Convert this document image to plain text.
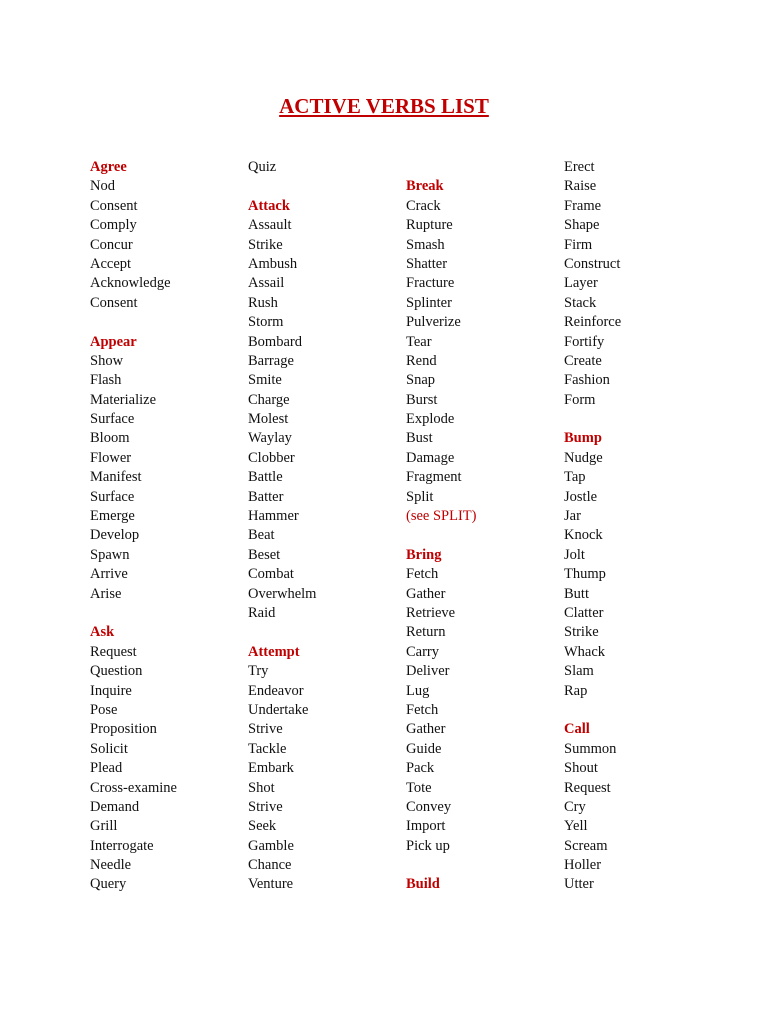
ACTIVE VERBS LIST
Agree
Nod
Consent
Comply
Concur
Accept
Acknowledge
Consent
Appear
Show
Flash
Materialize
Surface
Bloom
Flower
Manifest
Surface
Emerge
Develop
Spawn
Arrive
Arise
Ask
Request
Question
Inquire
Pose
Proposition
Solicit
Plead
Cross-examine
Demand
Grill
Interrogate
Needle
Query
Quiz
Attack
Assault
Strike
Ambush
Assail
Rush
Storm
Bombard
Barrage
Smite
Charge
Molest
Waylay
Clobber
Battle
Batter
Hammer
Beat
Beset
Combat
Overwhelm
Raid
Attempt
Try
Endeavor
Undertake
Strive
Tackle
Embark
Shot
Strive
Seek
Gamble
Chance
Venture
Break
Crack
Rupture
Smash
Shatter
Fracture
Splinter
Pulverize
Tear
Rend
Snap
Burst
Explode
Bust
Damage
Fragment
Split
(see SPLIT)
Bring
Fetch
Gather
Retrieve
Return
Carry
Deliver
Lug
Fetch
Gather
Guide
Pack
Tote
Convey
Import
Pick up
Build
Erect
Raise
Frame
Shape
Firm
Construct
Layer
Stack
Reinforce
Fortify
Create
Fashion
Form
Bump
Nudge
Tap
Jostle
Jar
Knock
Jolt
Thump
Butt
Clatter
Strike
Whack
Slam
Rap
Call
Summon
Shout
Request
Cry
Yell
Scream
Holler
Utter
